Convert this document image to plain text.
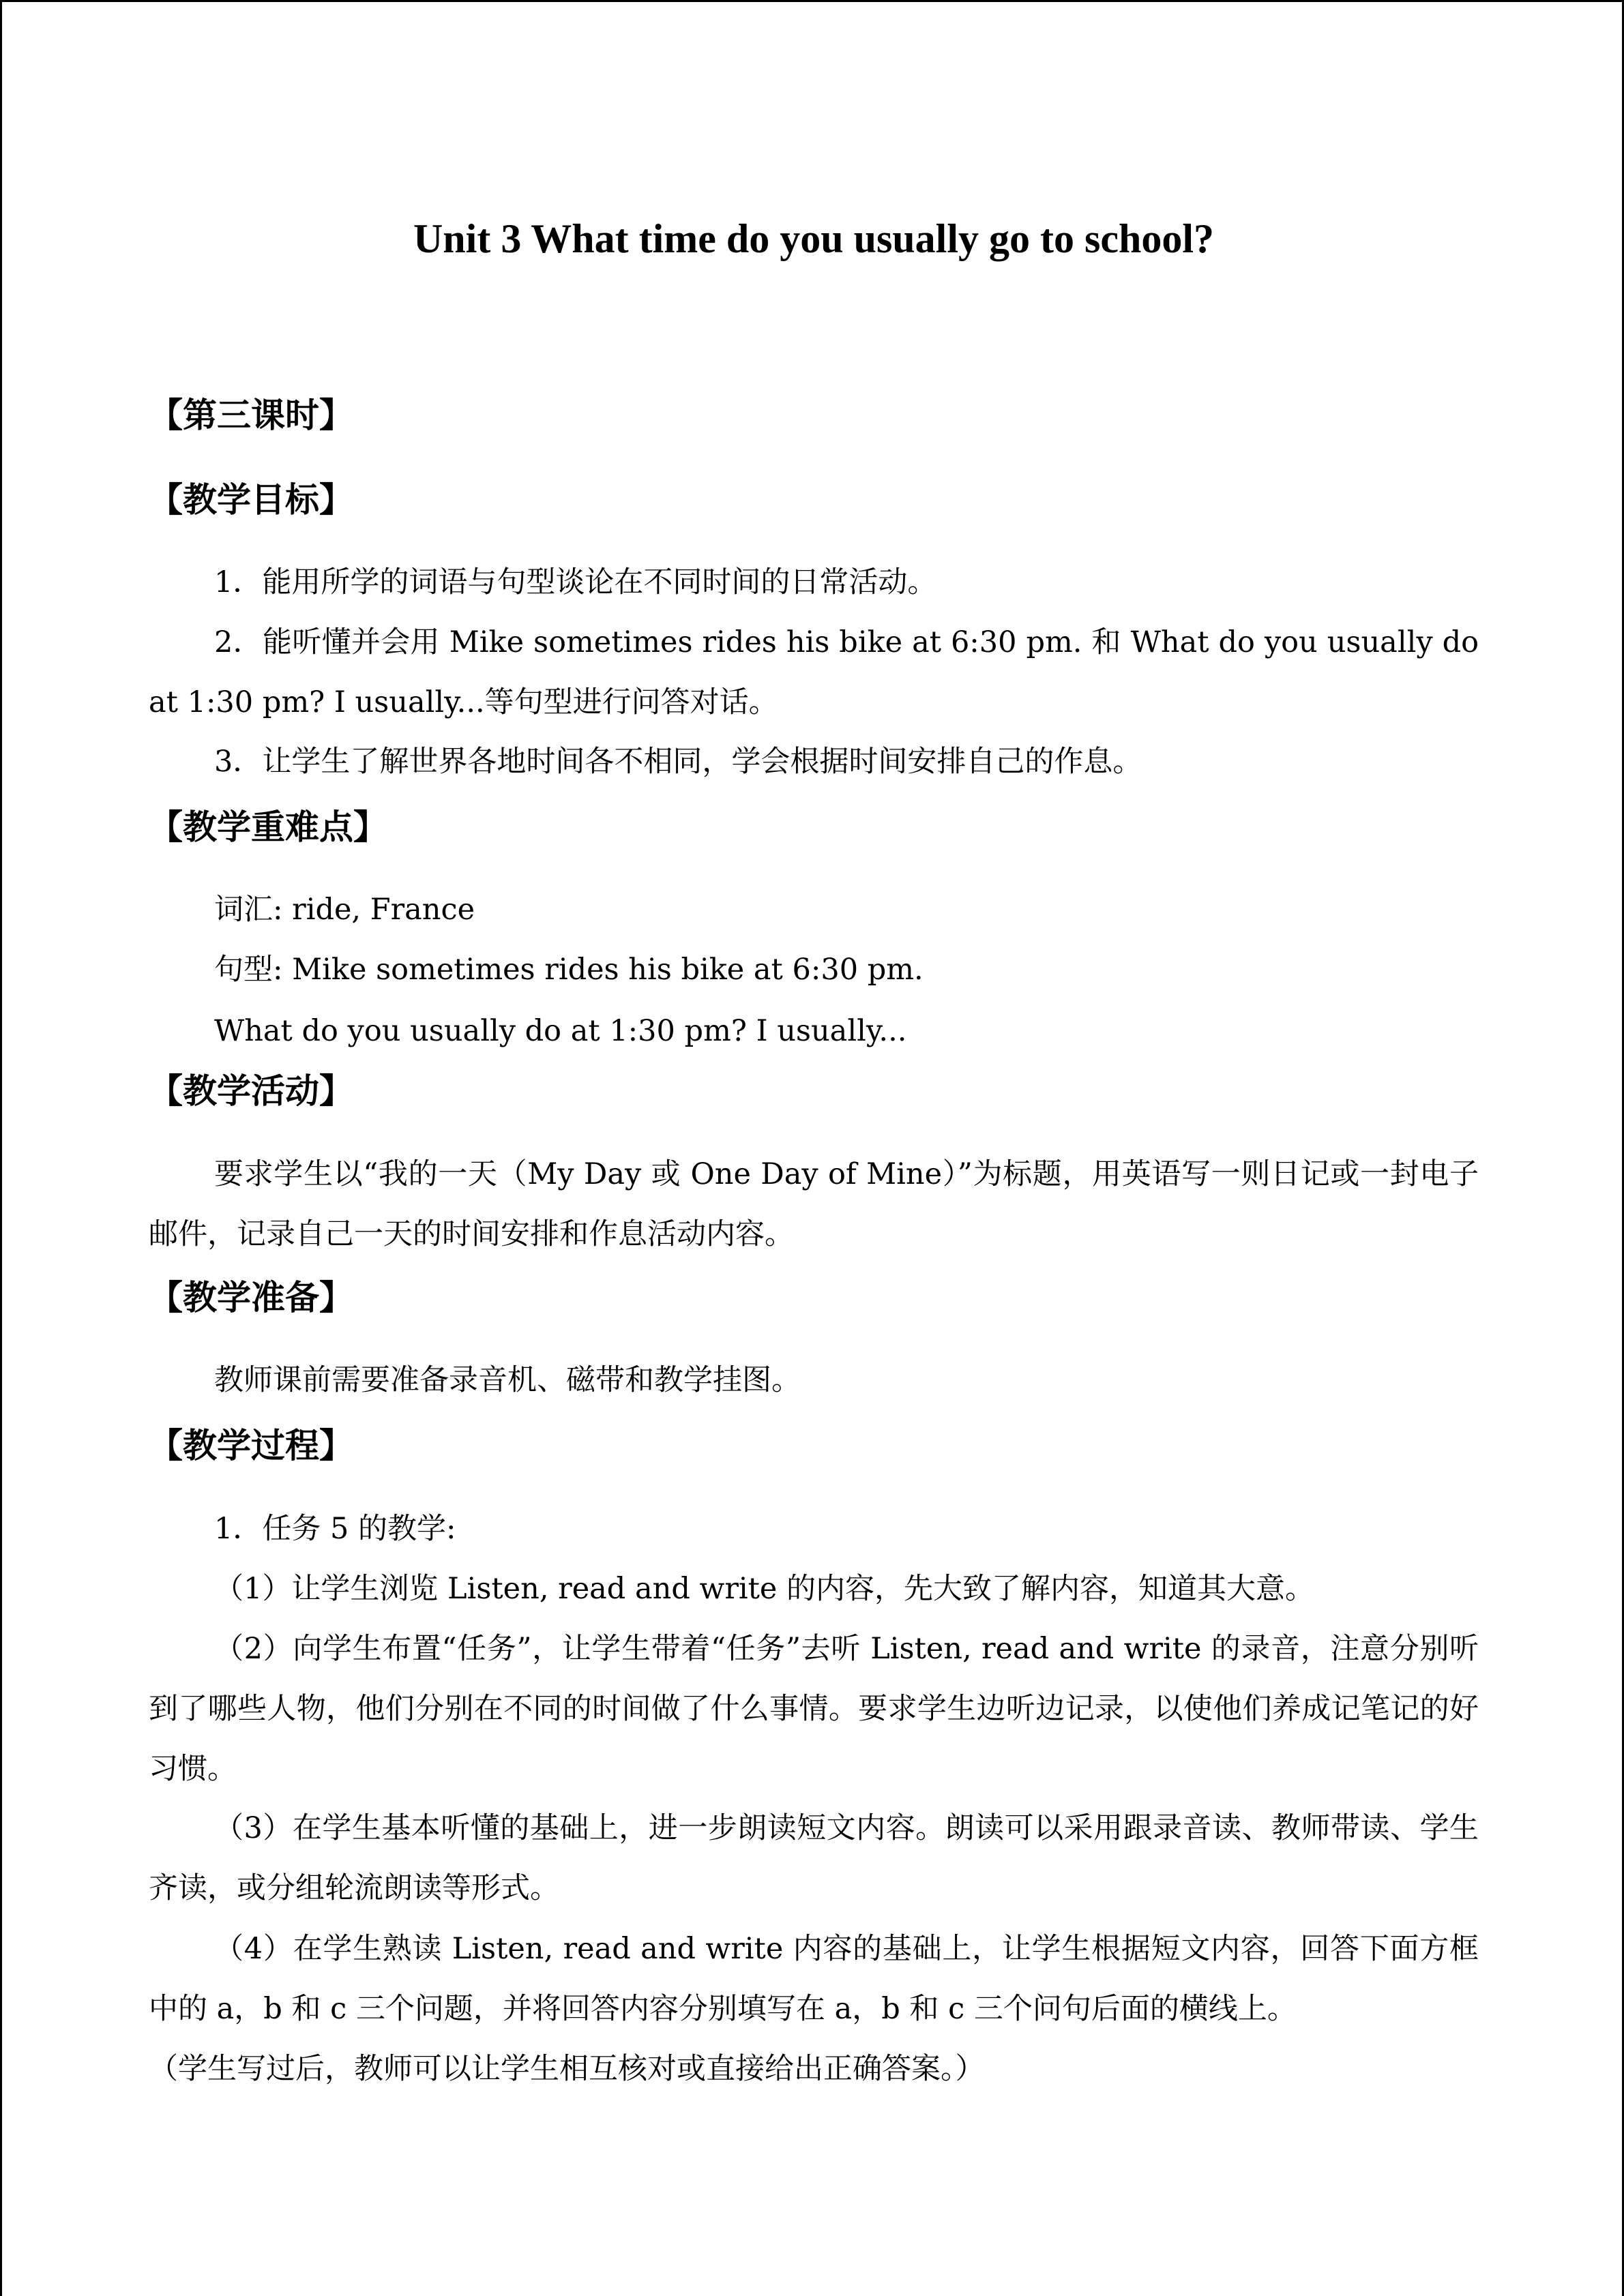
Unit 3 What time do you usually go to school?
【第三课时】
【教学目标】
1．能用所学的词语与句型谈论在不同时间的日常活动。
2．能听懂并会用 Mike sometimes rides his bike at 6:30 pm. 和 What do you usually do at 1:30 pm? I usually...等句型进行问答对话。
3．让学生了解世界各地时间各不相同，学会根据时间安排自己的作息。
【教学重难点】
词汇: ride, France
句型: Mike sometimes rides his bike at 6:30 pm.
What do you usually do at 1:30 pm? I usually...
【教学活动】
要求学生以“我的一天（My Day 或 One Day of Mine）”为标题，用英语写一则日记或一封电子邮件，记录自己一天的时间安排和作息活动内容。
【教学准备】
教师课前需要准备录音机、磁带和教学挂图。
【教学过程】
1．任务 5 的教学:
（1）让学生浏览 Listen, read and write 的内容，先大致了解内容，知道其大意。
（2）向学生布置“任务”，让学生带着“任务”去听 Listen, read and write 的录音，注意分别听到了哪些人物，他们分别在不同的时间做了什么事情。要求学生边听边记录，以使他们养成记笔记的好习惯。
（3）在学生基本听懂的基础上，进一步朗读短文内容。朗读可以采用跟录音读、教师带读、学生齐读，或分组轮流朗读等形式。
（4）在学生熟读 Listen, read and write 内容的基础上，让学生根据短文内容，回答下面方框中的 a，b 和 c 三个问题，并将回答内容分别填写在 a，b 和 c 三个问句后面的横线上。
（学生写过后，教师可以让学生相互核对或直接给出正确答案。）
